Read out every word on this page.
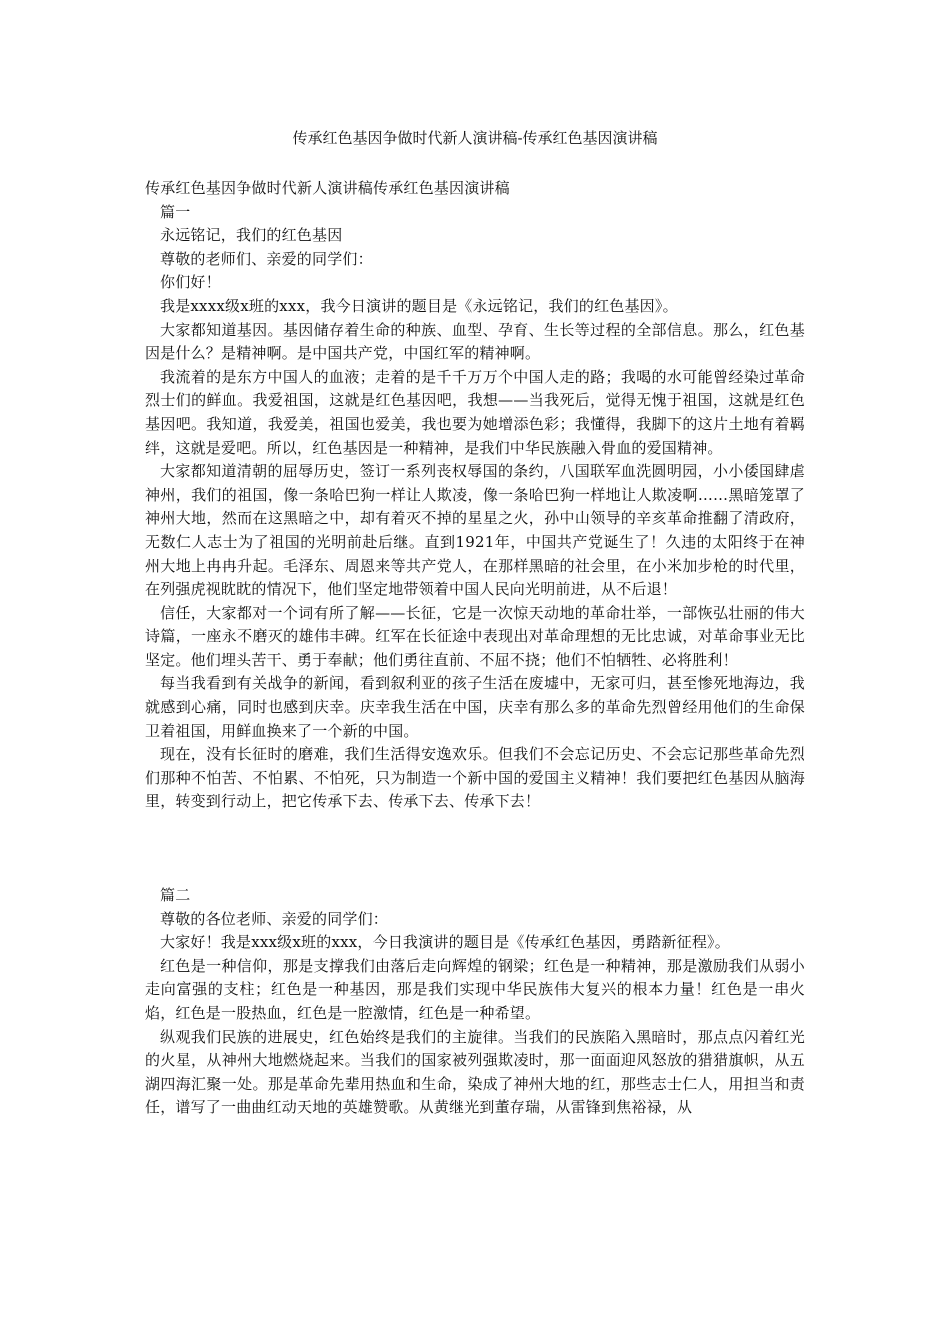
传承红色基因争做时代新人演讲稿-传承红色基因演讲稿

传承红色基因争做时代新人演讲稿传承红色基因演讲稿

篇一

永远铭记，我们的红色基因

尊敬的老师们、亲爱的同学们：

你们好！

我是xxxx级x班的xxx，我今日演讲的题目是《永远铭记，我们的红色基因》。

大家都知道基因。基因储存着生命的种族、血型、孕育、生长等过程的全部信息。那么，红色基因是什么？是精神啊。是中国共产党，中国红军的精神啊。

我流着的是东方中国人的血液；走着的是千千万万个中国人走的路；我喝的水可能曾经染过革命烈士们的鲜血。我爱祖国，这就是红色基因吧，我想——当我死后，觉得无愧于祖国，这就是红色基因吧。我知道，我爱美，祖国也爱美，我也要为她增添色彩；我懂得，我脚下的这片土地有着羁绊，这就是爱吧。所以，红色基因是一种精神，是我们中华民族融入骨血的爱国精神。

大家都知道清朝的屈辱历史，签订一系列丧权辱国的条约，八国联军血洗圆明园，小小倭国肆虐神州，我们的祖国，像一条哈巴狗一样让人欺凌，像一条哈巴狗一样地让人欺凌啊……黑暗笼罩了神州大地，然而在这黑暗之中，却有着灭不掉的星星之火，孙中山领导的辛亥革命推翻了清政府，无数仁人志士为了祖国的光明前赴后继。直到1921年，中国共产党诞生了！久违的太阳终于在神州大地上冉冉升起。毛泽东、周恩来等共产党人，在那样黑暗的社会里，在小米加步枪的时代里，在列强虎视眈眈的情况下，他们坚定地带领着中国人民向光明前进，从不后退！

信任，大家都对一个词有所了解——长征，它是一次惊天动地的革命壮举，一部恢弘壮丽的伟大诗篇，一座永不磨灭的雄伟丰碑。红军在长征途中表现出对革命理想的无比忠诚，对革命事业无比坚定。他们埋头苦干、勇于奉献；他们勇往直前、不屈不挠；他们不怕牺牲、必将胜利！

每当我看到有关战争的新闻，看到叙利亚的孩子生活在废墟中，无家可归，甚至惨死地海边，我就感到心痛，同时也感到庆幸。庆幸我生活在中国，庆幸有那么多的革命先烈曾经用他们的生命保卫着祖国，用鲜血换来了一个新的中国。

现在，没有长征时的磨难，我们生活得安逸欢乐。但我们不会忘记历史、不会忘记那些革命先烈们那种不怕苦、不怕累、不怕死，只为制造一个新中国的爱国主义精神！我们要把红色基因从脑海里，转变到行动上，把它传承下去、传承下去、传承下去！

篇二

尊敬的各位老师、亲爱的同学们：

大家好！我是xxx级x班的xxx，今日我演讲的题目是《传承红色基因，勇踏新征程》。

红色是一种信仰，那是支撑我们由落后走向辉煌的钢梁；红色是一种精神，那是激励我们从弱小走向富强的支柱；红色是一种基因，那是我们实现中华民族伟大复兴的根本力量！红色是一串火焰，红色是一股热血，红色是一腔激情，红色是一种希望。

纵观我们民族的进展史，红色始终是我们的主旋律。当我们的民族陷入黑暗时，那点点闪着红光的火星，从神州大地燃烧起来。当我们的国家被列强欺凌时，那一面面迎风怒放的猎猎旗帜，从五湖四海汇聚一处。那是革命先辈用热血和生命，染成了神州大地的红，那些志士仁人，用担当和责任，谱写了一曲曲红动天地的英雄赞歌。从黄继光到董存瑞，从雷锋到焦裕禄，从
